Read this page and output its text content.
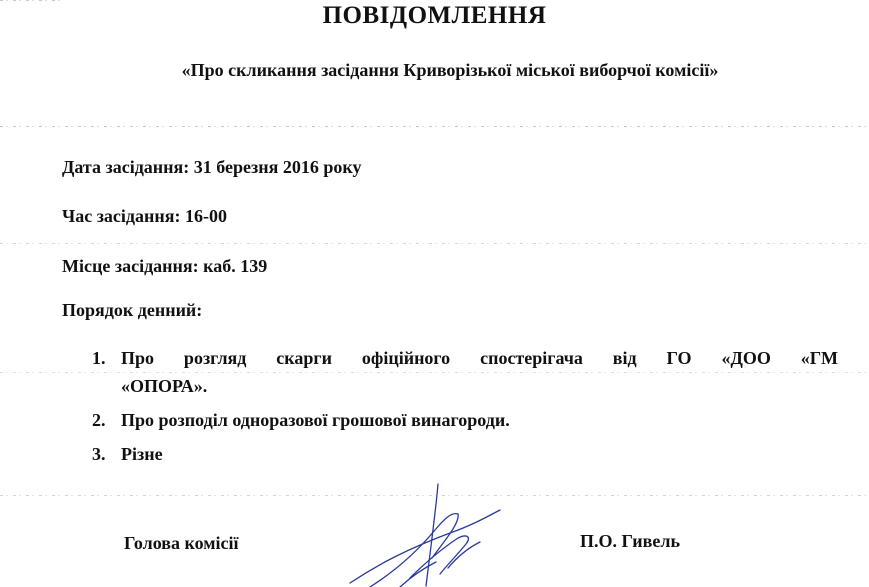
ПОВІДОМЛЕННЯ
«Про скликання засідання Криворізької міської виборчої комісії»
Дата засідання: 31 березня 2016 року
Час засідання: 16-00
Місце засідання: каб. 139
Порядок денний:
1. Про розгляд скарги офіційного спостерігача від ГО «ДОО «ГМ
«ОПОРА».
2. Про розподіл одноразової грошової винагороди.
3. Різне
Голова комісії	П.О. Гивель
